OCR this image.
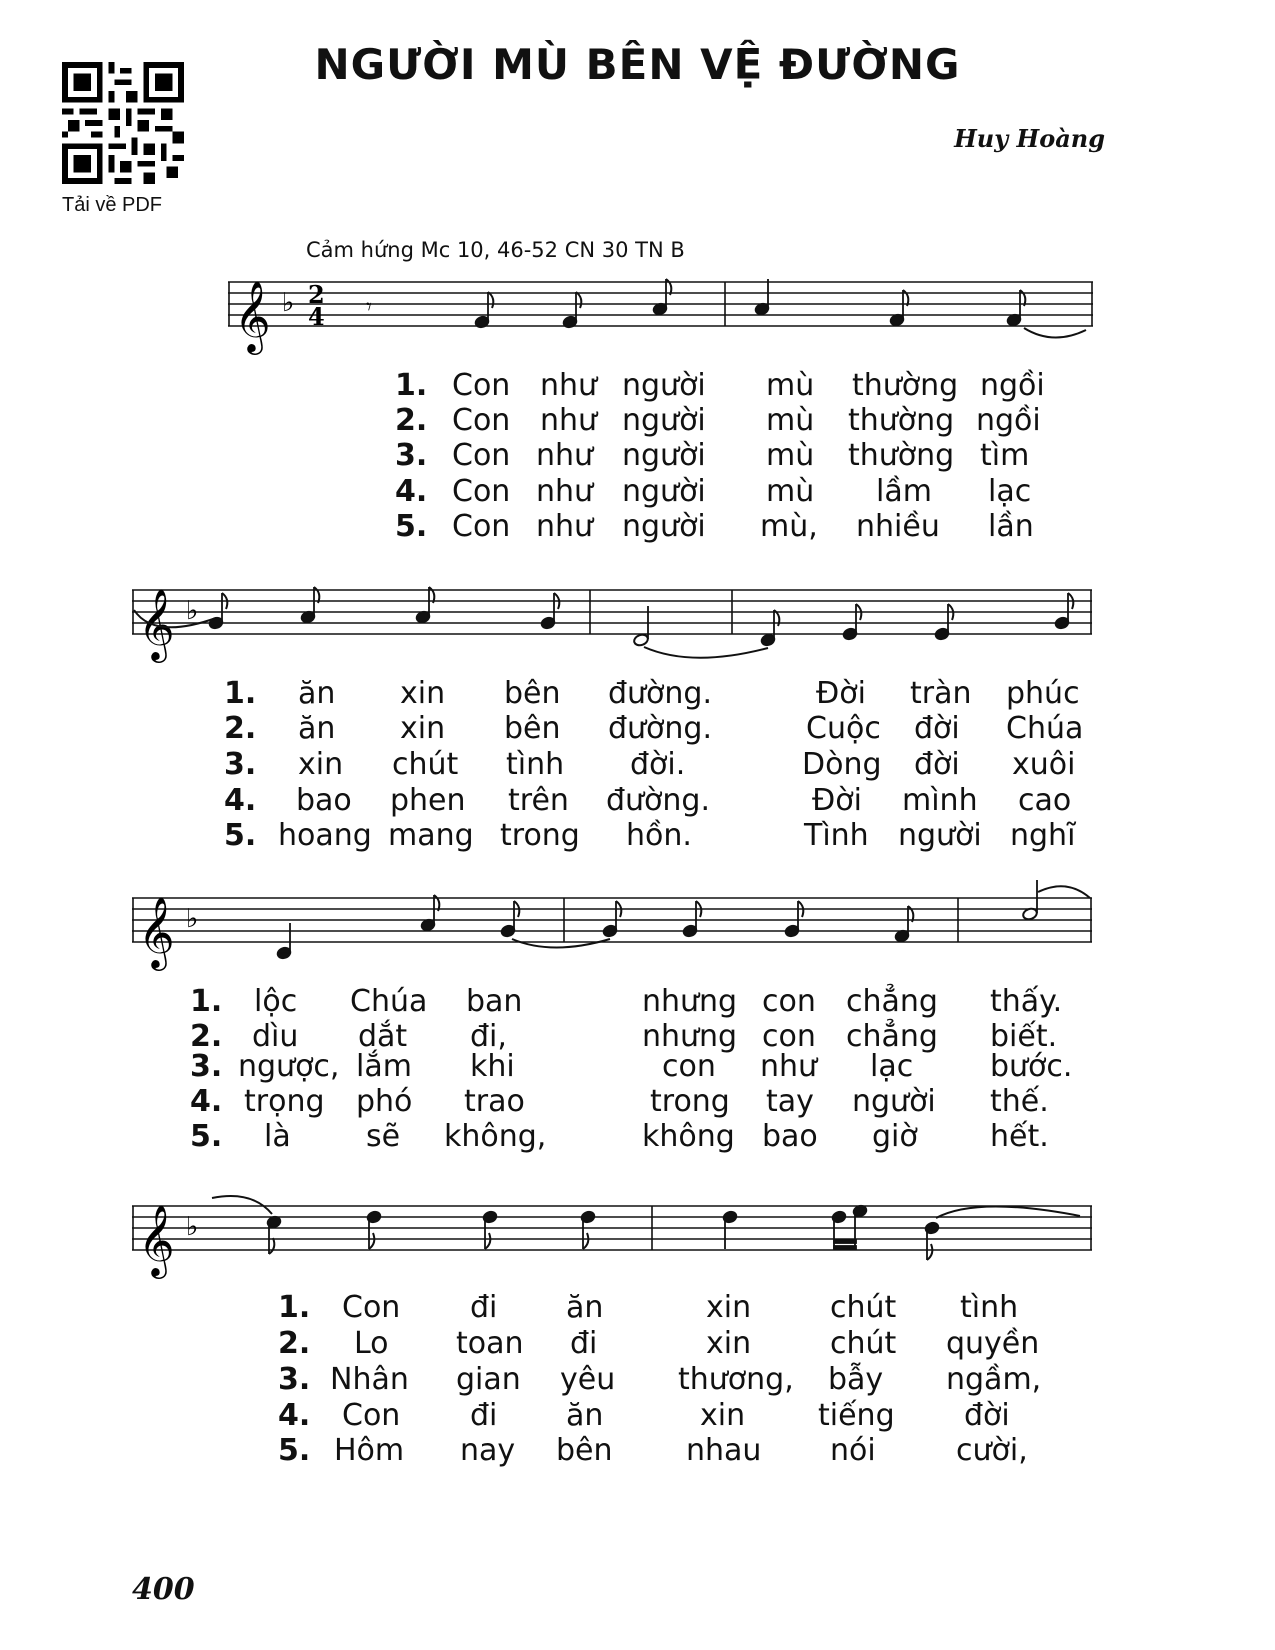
Tải về PDF
NGƯỜI MÙ BÊN VỆ ĐƯỜNG
Huy Hoàng
Cảm hứng Mc 10, 46-52 CN 30 TN B
𝄞 ♭ 2
4 𝄾
1. Con như người mù thường ngồi
2. Con như người mù thường ngồi
3. Con như người mù thường tìm
4. Con như người mù lầm lạc
5. Con như người mù, nhiều lần
𝄞 ♭
1. ăn xin bên đường.	Đời tràn phúc
2. ăn xin bên đường.	Cuộc đời Chúa
3. xin chút tình đời.	Dòng đời xuôi
4. bao phen trên đường.	Đời mình cao
5. hoang mang trong hồn.	Tình người nghĩ
𝄞 ♭
1. lộc Chúa ban	nhưng con chẳng thấy.
2. dìu dắt đi,	nhưng con chẳng biết.
3. ngược, lắm khi	con như lạc	bước.
4. trọng phó trao	trong tay người thế.
5. là	sẽ không,	không bao giờ hết.
𝄞 ♭
1. Con đi ăn	xin	chút tình
2. Lo toan đi	xin	chút quyền
3. Nhân gian yêu thương, bẫy ngầm,
4. Con đi ăn	xin tiếng đời
5. Hôm nay bên nhau nói	cười,
400
